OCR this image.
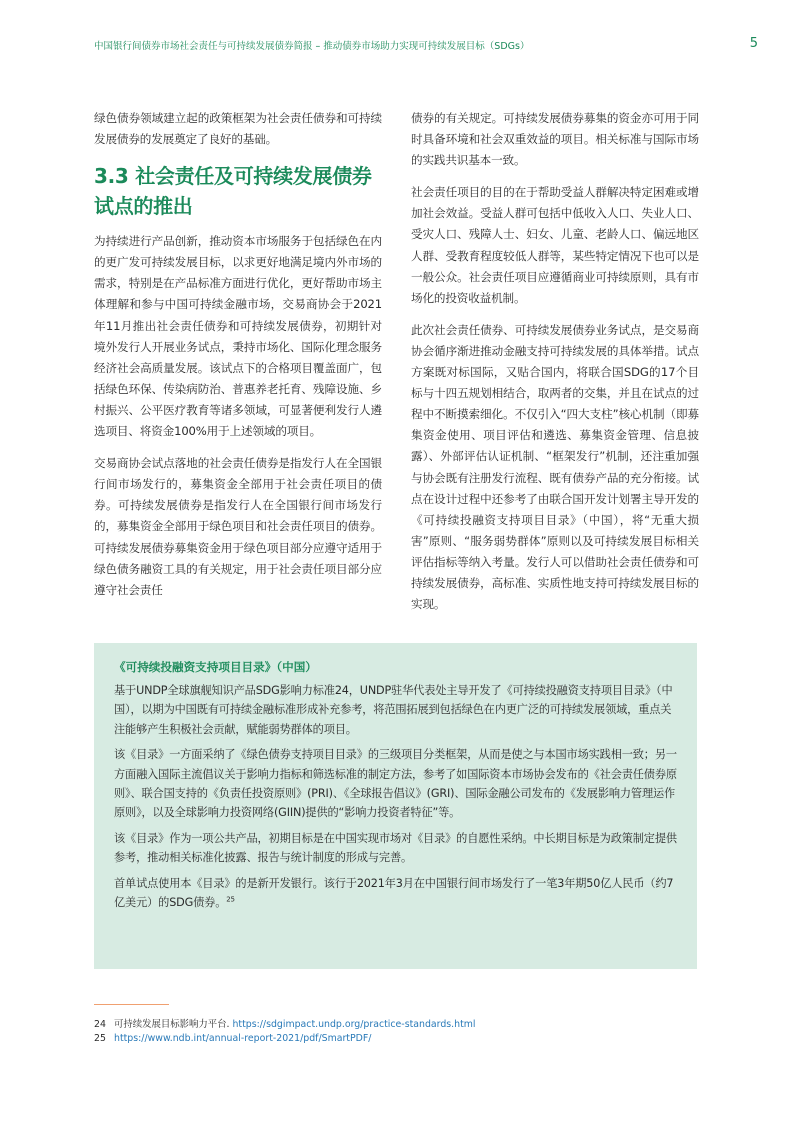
中国银行间债券市场社会责任与可持续发展债券简报 – 推动债券市场助力实现可持续发展目标（SDGs）	5

绿色债券领域建立起的政策框架为社会责任债券和可持续发展债券的发展奠定了良好的基础。

3.3 社会责任及可持续发展债券试点的推出

为持续进行产品创新，推动资本市场服务于包括绿色在内的更广发可持续发展目标，以求更好地满足境内外市场的需求，特别是在产品标准方面进行优化，更好帮助市场主体理解和参与中国可持续金融市场，交易商协会于2021年11月推出社会责任债券和可持续发展债券，初期针对境外发行人开展业务试点，秉持市场化、国际化理念服务经济社会高质量发展。该试点下的合格项目覆盖面广，包括绿色环保、传染病防治、普惠养老托育、残障设施、乡村振兴、公平医疗教育等诸多领域，可显著便利发行人遴选项目、将资金100%用于上述领域的项目。

交易商协会试点落地的社会责任债券是指发行人在全国银行间市场发行的，募集资金全部用于社会责任项目的债券。可持续发展债券是指发行人在全国银行间市场发行的，募集资金全部用于绿色项目和社会责任项目的债券。可持续发展债券募集资金用于绿色项目部分应遵守适用于绿色债务融资工具的有关规定，用于社会责任项目部分应遵守社会责任

债券的有关规定。可持续发展债券募集的资金亦可用于同时具备环境和社会双重效益的项目。相关标准与国际市场的实践共识基本一致。

社会责任项目的目的在于帮助受益人群解决特定困难或增加社会效益。受益人群可包括中低收入人口、失业人口、受灾人口、残障人士、妇女、儿童、老龄人口、偏远地区人群、受教育程度较低人群等，某些特定情况下也可以是一般公众。社会责任项目应遵循商业可持续原则，具有市场化的投资收益机制。

此次社会责任债券、可持续发展债券业务试点，是交易商协会循序渐进推动金融支持可持续发展的具体举措。试点方案既对标国际，又贴合国内，将联合国SDG的17个目标与十四五规划相结合，取两者的交集，并且在试点的过程中不断摸索细化。不仅引入“四大支柱”核心机制（即募集资金使用、项目评估和遴选、募集资金管理、信息披露）、外部评估认证机制、“框架发行”机制，还注重加强与协会既有注册发行流程、既有债券产品的充分衔接。试点在设计过程中还参考了由联合国开发计划署主导开发的《可持续投融资支持项目目录》（中国），将“无重大损害”原则、“服务弱势群体”原则以及可持续发展目标相关评估指标等纳入考量。发行人可以借助社会责任债券和可持续发展债券，高标准、实质性地支持可持续发展目标的实现。

《可持续投融资支持项目目录》（中国）

基于UNDP全球旗舰知识产品SDG影响力标准24，UNDP驻华代表处主导开发了《可持续投融资支持项目目录》（中国），以期为中国既有可持续金融标准形成补充参考，将范围拓展到包括绿色在内更广泛的可持续发展领域，重点关注能够产生积极社会贡献，赋能弱势群体的项目。

该《目录》一方面采纳了《绿色债券支持项目目录》的三级项目分类框架，从而是使之与本国市场实践相一致；另一方面融入国际主流倡议关于影响力指标和筛选标准的制定方法，参考了如国际资本市场协会发布的《社会责任债券原则》、联合国支持的《负责任投资原则》(PRI)、《全球报告倡议》(GRI)、国际金融公司发布的《发展影响力管理运作原则》，以及全球影响力投资网络(GIIN)提供的“影响力投资者特征”等。

该《目录》作为一项公共产品，初期目标是在中国实现市场对《目录》的自愿性采纳。中长期目标是为政策制定提供参考，推动相关标准化披露、报告与统计制度的形成与完善。

首单试点使用本《目录》的是新开发银行。该行于2021年3月在中国银行间市场发行了一笔3年期50亿人民币（约7亿美元）的SDG债券。$^{25}$

24 可持续发展目标影响力平台. https://sdgimpact.undp.org/practice-standards.html
25 https://www.ndb.int/annual-report-2021/pdf/SmartPDF/
